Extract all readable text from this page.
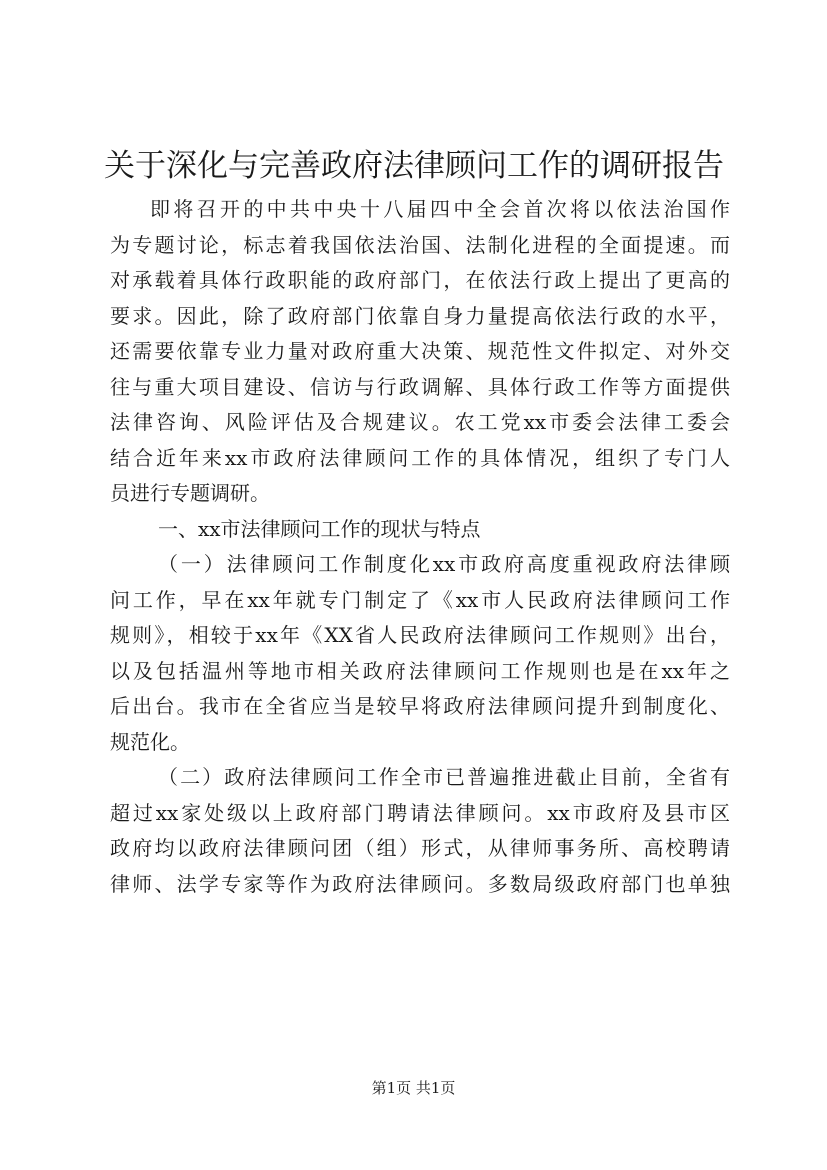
关于深化与完善政府法律顾问工作的调研报告

即将召开的中共中央十八届四中全会首次将以依法治国作
为专题讨论，标志着我国依法治国、法制化进程的全面提速。而
对承载着具体行政职能的政府部门，在依法行政上提出了更高的
要求。因此，除了政府部门依靠自身力量提高依法行政的水平，
还需要依靠专业力量对政府重大决策、规范性文件拟定、对外交
往与重大项目建设、信访与行政调解、具体行政工作等方面提供
法律咨询、风险评估及合规建议。农工党xx市委会法律工委会
结合近年来xx市政府法律顾问工作的具体情况，组织了专门人
员进行专题调研。

一、xx市法律顾问工作的现状与特点

（一）法律顾问工作制度化xx市政府高度重视政府法律顾
问工作，早在xx年就专门制定了《xx市人民政府法律顾问工作
规则》，相较于xx年《XX省人民政府法律顾问工作规则》出台，
以及包括温州等地市相关政府法律顾问工作规则也是在xx年之
后出台。我市在全省应当是较早将政府法律顾问提升到制度化、
规范化。

（二）政府法律顾问工作全市已普遍推进截止目前，全省有
超过xx家处级以上政府部门聘请法律顾问。xx市政府及县市区
政府均以政府法律顾问团（组）形式，从律师事务所、高校聘请
律师、法学专家等作为政府法律顾问。多数局级政府部门也单独

第1页 共1页
